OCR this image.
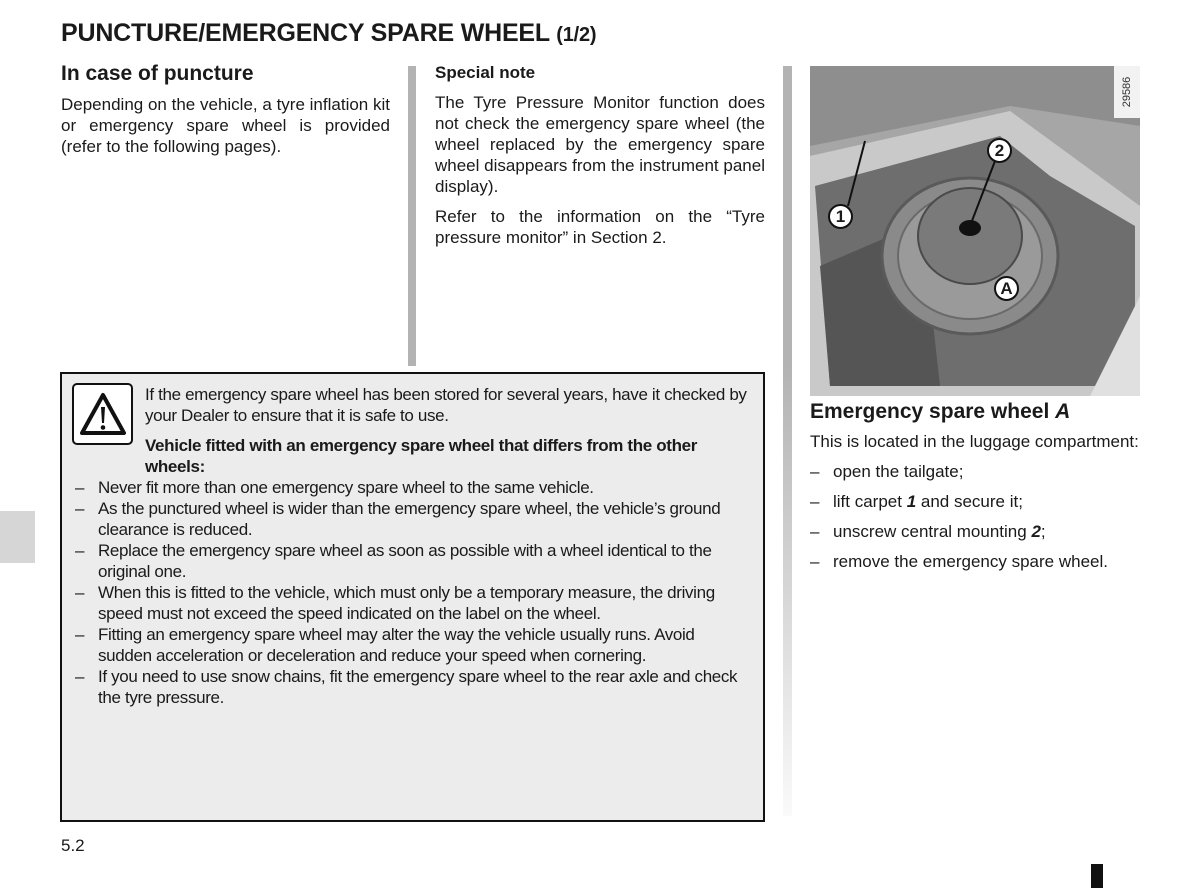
PUNCTURE/EMERGENCY SPARE WHEEL (1/2)
In case of puncture

Depending on the vehicle, a tyre inflation kit or emergency spare wheel is provided (refer to the following pages).

Special note

The Tyre Pressure Monitor function does not check the emergency spare wheel (the wheel replaced by the emergency spare wheel disappears from the instrument panel display).

Refer to the information on the “Tyre pressure monitor” in Section 2.

29586
1
2
A
Emergency spare wheel A

This is located in the luggage compartment:

– open the tailgate;
– lift carpet 1 and secure it;
– unscrew central mounting 2;
– remove the emergency spare wheel.

If the emergency spare wheel has been stored for several years, have it checked by your Dealer to ensure that it is safe to use.

Vehicle fitted with an emergency spare wheel that differs from the other wheels:

– Never fit more than one emergency spare wheel to the same vehicle.
– As the punctured wheel is wider than the emergency spare wheel, the vehicle’s ground clearance is reduced.
– Replace the emergency spare wheel as soon as possible with a wheel identical to the original one.
– When this is fitted to the vehicle, which must only be a temporary measure, the driving speed must not exceed the speed indicated on the label on the wheel.
– Fitting an emergency spare wheel may alter the way the vehicle usually runs. Avoid sudden acceleration or deceleration and reduce your speed when cornering.
– If you need to use snow chains, fit the emergency spare wheel to the rear axle and check the tyre pressure.
5.2
